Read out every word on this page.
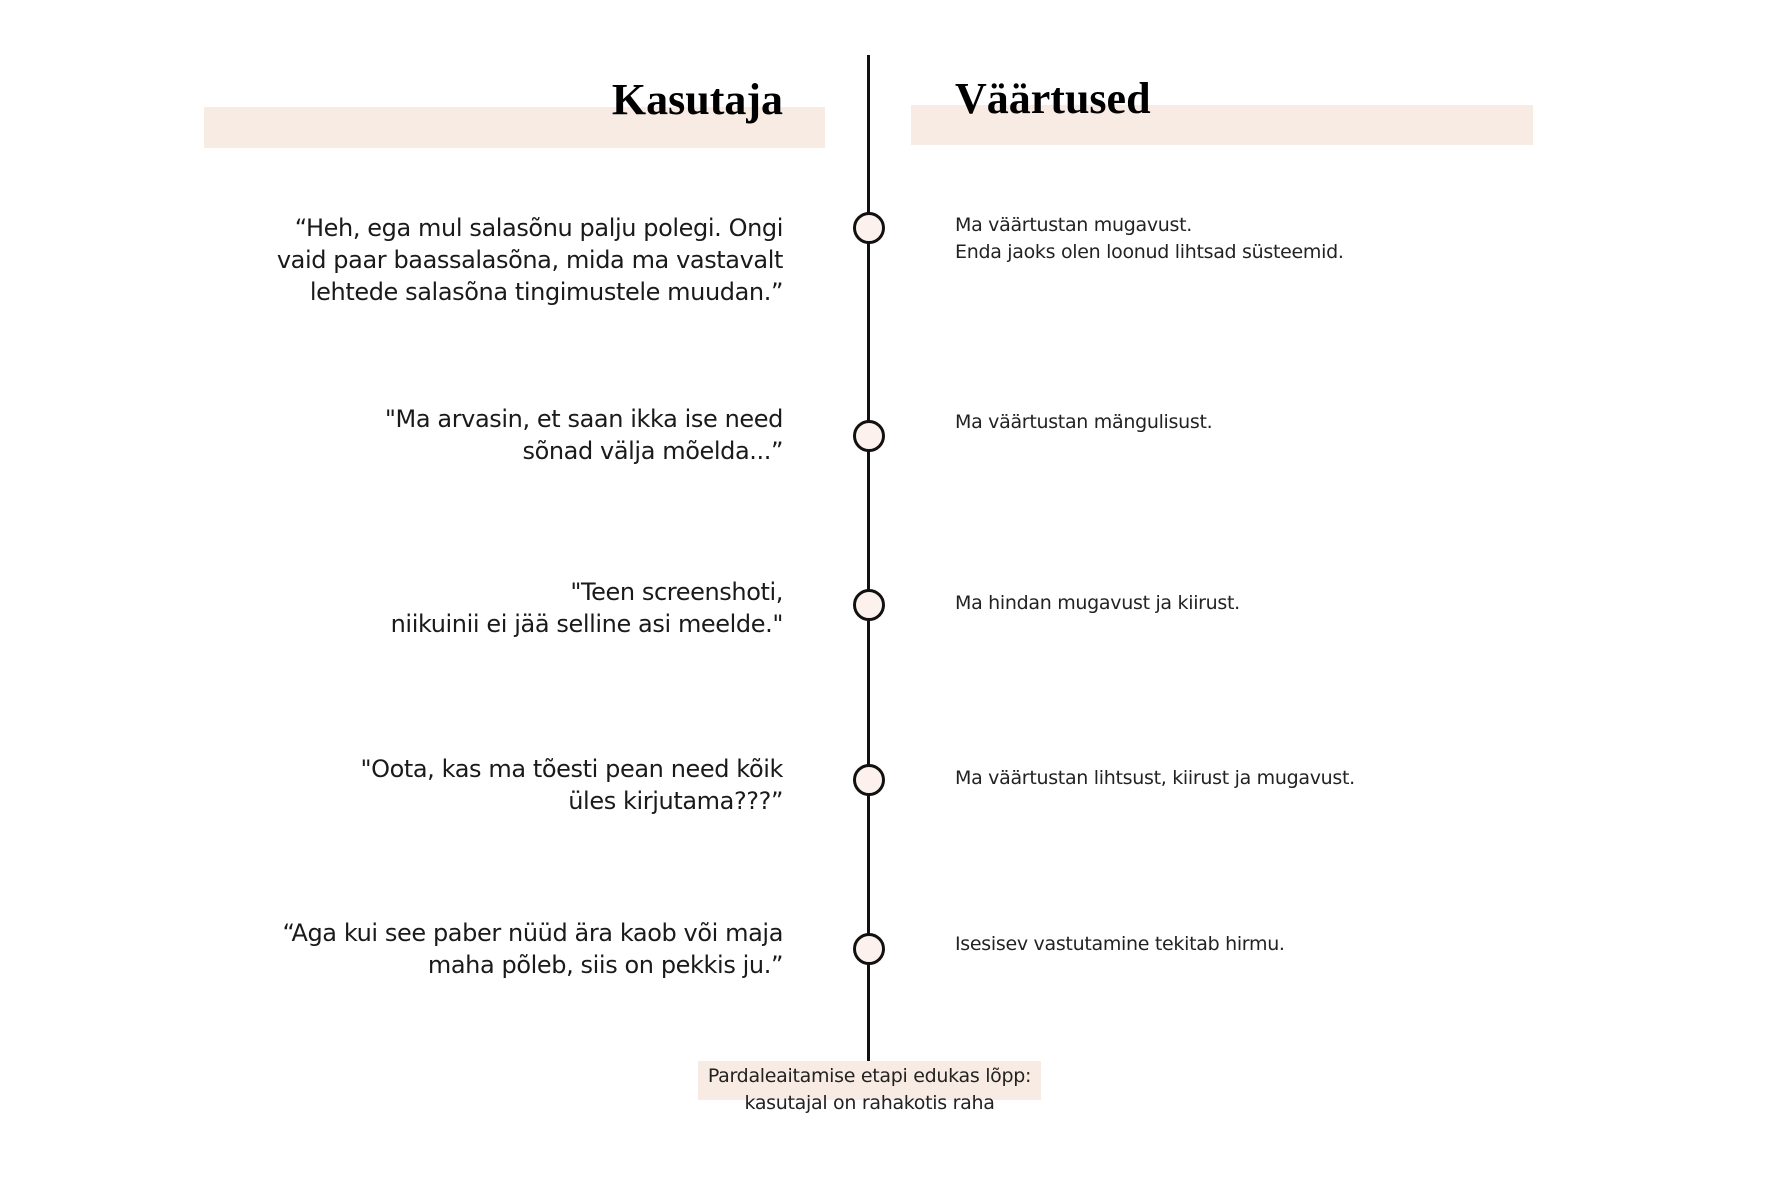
Kasutaja	Väärtused
“Heh, ega mul salasõnu palju polegi. Ongi
vaid paar baassalasõna, mida ma vastavalt
lehtede salasõna tingimustele muudan.”
"Ma arvasin, et saan ikka ise need
sõnad välja mõelda...”
"Teen screenshoti,
niikuinii ei jää selline asi meelde."
"Oota, kas ma tõesti pean need kõik
üles kirjutama???”
“Aga kui see paber nüüd ära kaob või maja
maha põleb, siis on pekkis ju.”
Ma väärtustan mugavust.
Enda jaoks olen loonud lihtsad süsteemid.
Ma väärtustan mängulisust.
Ma hindan mugavust ja kiirust.
Ma väärtustan lihtsust, kiirust ja mugavust.
Isesisev vastutamine tekitab hirmu.
Pardaleaitamise etapi edukas lõpp:
kasutajal on rahakotis raha
